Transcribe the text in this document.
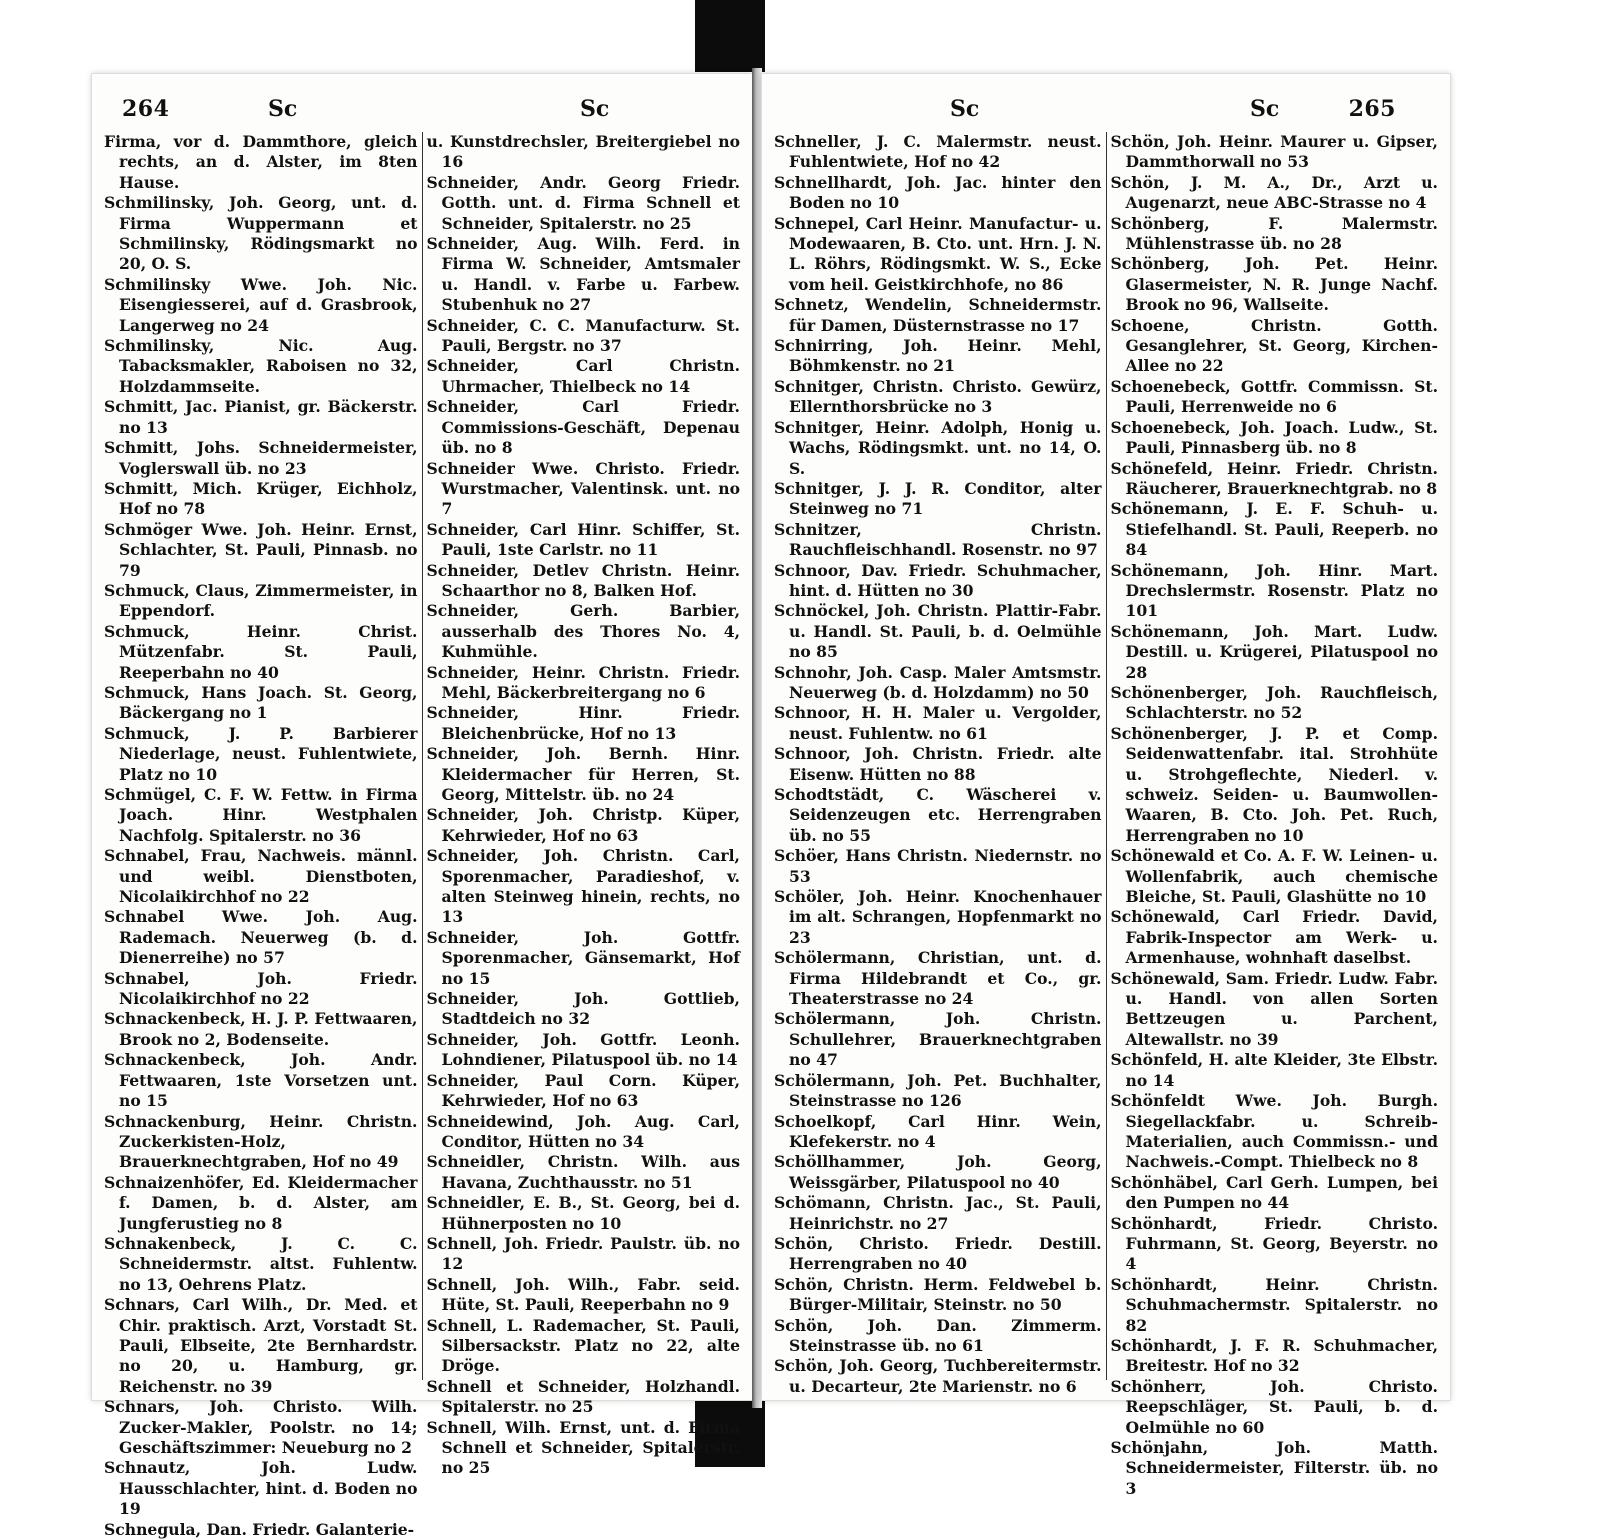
264	Sc	Sc

Firma, vor d. Dammthore, gleich rechts, an d. Alster, im 8ten Hause.

Schmilinsky, Joh. Georg, unt. d. Firma Wuppermann et Schmilinsky, Rödingsmarkt no 20, O. S.

Schmilinsky Wwe. Joh. Nic. Eisengiesserei, auf d. Grasbrook, Langerweg no 24

Schmilinsky, Nic. Aug. Tabacksmakler, Raboisen no 32, Holzdammseite.

Schmitt, Jac. Pianist, gr. Bäckerstr. no 13

Schmitt, Johs. Schneidermeister, Voglerswall üb. no 23

Schmitt, Mich. Krüger, Eichholz, Hof no 78

Schmöger Wwe. Joh. Heinr. Ernst, Schlachter, St. Pauli, Pinnasb. no 79

Schmuck, Claus, Zimmermeister, in Eppendorf.

Schmuck, Heinr. Christ. Mützenfabr. St. Pauli, Reeperbahn no 40

Schmuck, Hans Joach. St. Georg, Bäckergang no 1

Schmuck, J. P. Barbierer Niederlage, neust. Fuhlentwiete, Platz no 10

Schmügel, C. F. W. Fettw. in Firma Joach. Hinr. Westphalen Nachfolg. Spitalerstr. no 36

Schnabel, Frau, Nachweis. männl. und weibl. Dienstboten, Nicolaikirchhof no 22

Schnabel Wwe. Joh. Aug. Rademach. Neuerweg (b. d. Dienerreihe) no 57

Schnabel, Joh. Friedr. Nicolaikirchhof no 22

Schnackenbeck, H. J. P. Fettwaaren, Brook no 2, Bodenseite.

Schnackenbeck, Joh. Andr. Fettwaaren, 1ste Vorsetzen unt. no 15

Schnackenburg, Heinr. Christn. Zuckerkisten-Holz, Brauerknechtgraben, Hof no 49

Schnaizenhöfer, Ed. Kleidermacher f. Damen, b. d. Alster, am Jungferustieg no 8

Schnakenbeck, J. C. C. Schneidermstr. altst. Fuhlentw. no 13, Oehrens Platz.

Schnars, Carl Wilh., Dr. Med. et Chir. praktisch. Arzt, Vorstadt St. Pauli, Elbseite, 2te Bernhardstr. no 20, u. Hamburg, gr. Reichenstr. no 39

Schnars, Joh. Christo. Wilh. Zucker-Makler, Poolstr. no 14; Geschäftszimmer: Neueburg no 2

Schnautz, Joh. Ludw. Hausschlachter, hint. d. Boden no 19

Schnegula, Dan. Friedr. Galanterie-

u. Kunstdrechsler, Breitergiebel no 16

Schneider, Andr. Georg Friedr. Gotth. unt. d. Firma Schnell et Schneider, Spitalerstr. no 25

Schneider, Aug. Wilh. Ferd. in Firma W. Schneider, Amtsmaler u. Handl. v. Farbe u. Farbew. Stubenhuk no 27

Schneider, C. C. Manufacturw. St. Pauli, Bergstr. no 37

Schneider, Carl Christn. Uhrmacher, Thielbeck no 14

Schneider, Carl Friedr. Commissions-Geschäft, Depenau üb. no 8

Schneider Wwe. Christo. Friedr. Wurstmacher, Valentinsk. unt. no 7

Schneider, Carl Hinr. Schiffer, St. Pauli, 1ste Carlstr. no 11

Schneider, Detlev Christn. Heinr. Schaarthor no 8, Balken Hof.

Schneider, Gerh. Barbier, ausserhalb des Thores No. 4, Kuhmühle.

Schneider, Heinr. Christn. Friedr. Mehl, Bäckerbreitergang no 6

Schneider, Hinr. Friedr. Bleichenbrücke, Hof no 13

Schneider, Joh. Bernh. Hinr. Kleidermacher für Herren, St. Georg, Mittelstr. üb. no 24

Schneider, Joh. Christp. Küper, Kehrwieder, Hof no 63

Schneider, Joh. Christn. Carl, Sporenmacher, Paradieshof, v. alten Steinweg hinein, rechts, no 13

Schneider, Joh. Gottfr. Sporenmacher, Gänsemarkt, Hof no 15

Schneider, Joh. Gottlieb, Stadtdeich no 32

Schneider, Joh. Gottfr. Leonh. Lohndiener, Pilatuspool üb. no 14

Schneider, Paul Corn. Küper, Kehrwieder, Hof no 63

Schneidewind, Joh. Aug. Carl, Conditor, Hütten no 34

Schneidler, Christn. Wilh. aus Havana, Zuchthausstr. no 51

Schneidler, E. B., St. Georg, bei d. Hühnerposten no 10

Schnell, Joh. Friedr. Paulstr. üb. no 12

Schnell, Joh. Wilh., Fabr. seid. Hüte, St. Pauli, Reeperbahn no 9

Schnell, L. Rademacher, St. Pauli, Silbersackstr. Platz no 22, alte Dröge.

Schnell et Schneider, Holzhandl. Spitalerstr. no 25

Schnell, Wilh. Ernst, unt. d. Firma Schnell et Schneider, Spitalerstr. no 25

Sc	Sc	265

Schneller, J. C. Malermstr. neust. Fuhlentwiete, Hof no 42

Schnellhardt, Joh. Jac. hinter den Boden no 10

Schnepel, Carl Heinr. Manufactur- u. Modewaaren, B. Cto. unt. Hrn. J. N. L. Röhrs, Rödingsmkt. W. S., Ecke vom heil. Geistkirchhofe, no 86

Schnetz, Wendelin, Schneidermstr. für Damen, Düsternstrasse no 17

Schnirring, Joh. Heinr. Mehl, Böhmkenstr. no 21

Schnitger, Christn. Christo. Gewürz, Ellernthorsbrücke no 3

Schnitger, Heinr. Adolph, Honig u. Wachs, Rödingsmkt. unt. no 14, O. S.

Schnitger, J. J. R. Conditor, alter Steinweg no 71

Schnitzer, Christn. Rauchfleischhandl. Rosenstr. no 97

Schnoor, Dav. Friedr. Schuhmacher, hint. d. Hütten no 30

Schnöckel, Joh. Christn. Plattir-Fabr. u. Handl. St. Pauli, b. d. Oelmühle no 85

Schnohr, Joh. Casp. Maler Amtsmstr. Neuerweg (b. d. Holzdamm) no 50

Schnoor, H. H. Maler u. Vergolder, neust. Fuhlentw. no 61

Schnoor, Joh. Christn. Friedr. alte Eisenw. Hütten no 88

Schodtstädt, C. Wäscherei v. Seidenzeugen etc. Herrengraben üb. no 55

Schöer, Hans Christn. Niedernstr. no 53

Schöler, Joh. Heinr. Knochenhauer im alt. Schrangen, Hopfenmarkt no 23

Schölermann, Christian, unt. d. Firma Hildebrandt et Co., gr. Theaterstrasse no 24

Schölermann, Joh. Christn. Schullehrer, Brauerknechtgraben no 47

Schölermann, Joh. Pet. Buchhalter, Steinstrasse no 126

Schoelkopf, Carl Hinr. Wein, Klefekerstr. no 4

Schöllhammer, Joh. Georg, Weissgärber, Pilatuspool no 40

Schömann, Christn. Jac., St. Pauli, Heinrichstr. no 27

Schön, Christo. Friedr. Destill. Herrengraben no 40

Schön, Christn. Herm. Feldwebel b. Bürger-Militair, Steinstr. no 50

Schön, Joh. Dan. Zimmerm. Steinstrasse üb. no 61

Schön, Joh. Georg, Tuchbereitermstr. u. Decarteur, 2te Marienstr. no 6

Schön, Joh. Heinr. Maurer u. Gipser, Dammthorwall no 53

Schön, J. M. A., Dr., Arzt u. Augenarzt, neue ABC-Strasse no 4

Schönberg, F. Malermstr. Mühlenstrasse üb. no 28

Schönberg, Joh. Pet. Heinr. Glasermeister, N. R. Junge Nachf. Brook no 96, Wallseite.

Schoene, Christn. Gotth. Gesanglehrer, St. Georg, Kirchen-Allee no 22

Schoenebeck, Gottfr. Commissn. St. Pauli, Herrenweide no 6

Schoenebeck, Joh. Joach. Ludw., St. Pauli, Pinnasberg üb. no 8

Schönefeld, Heinr. Friedr. Christn. Räucherer, Brauerknechtgrab. no 8

Schönemann, J. E. F. Schuh- u. Stiefelhandl. St. Pauli, Reeperb. no 84

Schönemann, Joh. Hinr. Mart. Drechslermstr. Rosenstr. Platz no 101

Schönemann, Joh. Mart. Ludw. Destill. u. Krügerei, Pilatuspool no 28

Schönenberger, Joh. Rauchfleisch, Schlachterstr. no 52

Schönenberger, J. P. et Comp. Seidenwattenfabr. ital. Strohhüte u. Strohgeflechte, Niederl. v. schweiz. Seiden- u. Baumwollen-Waaren, B. Cto. Joh. Pet. Ruch, Herrengraben no 10

Schönewald et Co. A. F. W. Leinen- u. Wollenfabrik, auch chemische Bleiche, St. Pauli, Glashütte no 10

Schönewald, Carl Friedr. David, Fabrik-Inspector am Werk- u. Armenhause, wohnhaft daselbst.

Schönewald, Sam. Friedr. Ludw. Fabr. u. Handl. von allen Sorten Bettzeugen u. Parchent, Altewallstr. no 39

Schönfeld, H. alte Kleider, 3te Elbstr. no 14

Schönfeldt Wwe. Joh. Burgh. Siegellackfabr. u. Schreib-Materialien, auch Commissn.- und Nachweis.-Compt. Thielbeck no 8

Schönhäbel, Carl Gerh. Lumpen, bei den Pumpen no 44

Schönhardt, Friedr. Christo. Fuhrmann, St. Georg, Beyerstr. no 4

Schönhardt, Heinr. Christn. Schuhmachermstr. Spitalerstr. no 82

Schönhardt, J. F. R. Schuhmacher, Breitestr. Hof no 32

Schönherr, Joh. Christo. Reepschläger, St. Pauli, b. d. Oelmühle no 60

Schönjahn, Joh. Matth. Schneidermeister, Filterstr. üb. no 3
